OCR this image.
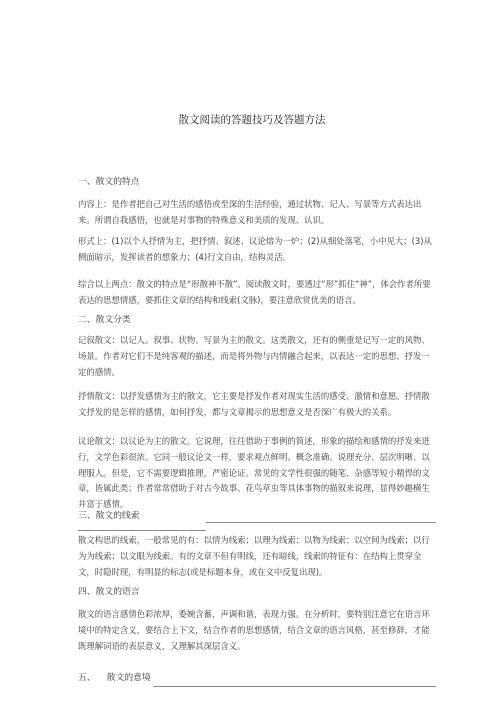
散文阅读的答题技巧及答题方法
一、散文的特点
内容上：是作者把自己对生活的感悟或至深的生活经验，通过状物、记人、写景等方式表达出来。所谓自我感悟，也就是对事物的特殊意义和美质的发现、认识。
形式上：(1)以个人抒情为主，把抒情、叙述、议论熔为一炉；(2)从细处落笔，小中见大；(3)从侧面暗示，发挥读者的想象力；(4)行文自由，结构灵活。
综合以上两点：散文的特点是“形散神不散”。阅读散文时，要透过“形”抓住“神”，体会作者所要表达的思想情感，要抓住文章的结构和线索(文脉)，要注意欣赏优美的语言。
二、散文分类
记叙散文：以记人、叙事、状物、写景为主的散文。这类散文，还有的侧重是记写一定的风物、场景。作者对它们不是纯客观的描述，而是将外物与内情融合起来，以表达一定的思想、抒发一定的感情。
抒情散文：以抒发感情为主的散文，它主要是抒发作者对现实生活的感受、激情和意愿。抒情散文抒发的是怎样的感情，如何抒发，都与文章揭示的思想意义是否深广有极大的关系。
议论散文：以议论为主的散文。它说理，往往借助于事例的简述，形象的描绘和感情的抒发来进行，文学色彩很浓。它同一般议论文一样，要求观点鲜明、概念准确、说理充分、层次明晰、以理服人。但是，它不需要逻辑推理，严密论证。常见的文学性很强的随笔、杂感等短小精悍的文章，皆属此类；作者常常借助于对古今故事、花鸟草虫等具体事物的描叙来说理，显得妙趣横生并富于感情。
三、散文的线索
散文构思的线索，一般常见的有：以情为线索；以理为线索；以物为线索；以空间为线索；以行为为线索；以文眼为线索。有的文章不但有明线，还有暗线，线索的特征有：在结构上贯穿全文，时隐时现，有明显的标志(或是标题本身，或在文中反复出现)。
四、散文的语言
散文的语言感情色彩浓厚，委婉含蓄，声调和谐，表现力强。在分析时，要特别注意它在语言环境中的特定含义，要结合上下文，结合作者的思想感情，结合文章的语言风格，甚至修辞，才能既理解词语的表层意义，又理解其深层含义。
五、    散文的意境
